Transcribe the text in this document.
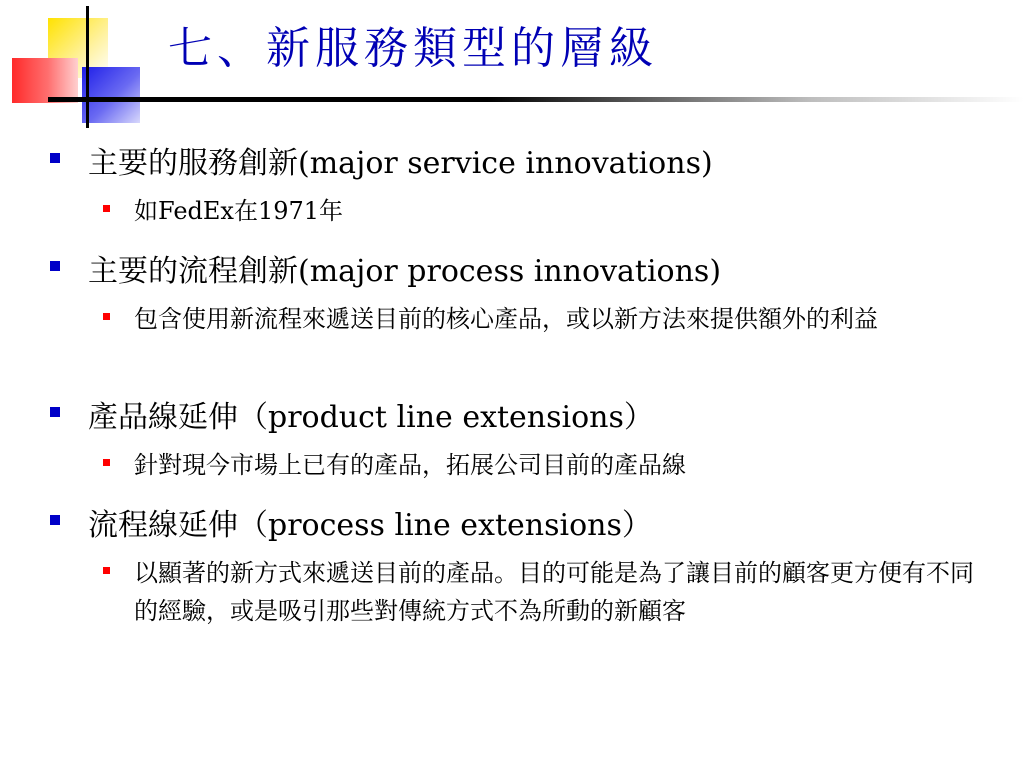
七、新服務類型的層級
主要的服務創新(major service innovations)
如FedEx在1971年
主要的流程創新(major process innovations)
包含使用新流程來遞送目前的核心產品，或以新方法來提供額外的利益
產品線延伸（product line extensions）
針對現今市場上已有的產品，拓展公司目前的產品線
流程線延伸（process line extensions）
以顯著的新方式來遞送目前的產品。目的可能是為了讓目前的顧客更方便有不同的經驗，或是吸引那些對傳統方式不為所動的新顧客
